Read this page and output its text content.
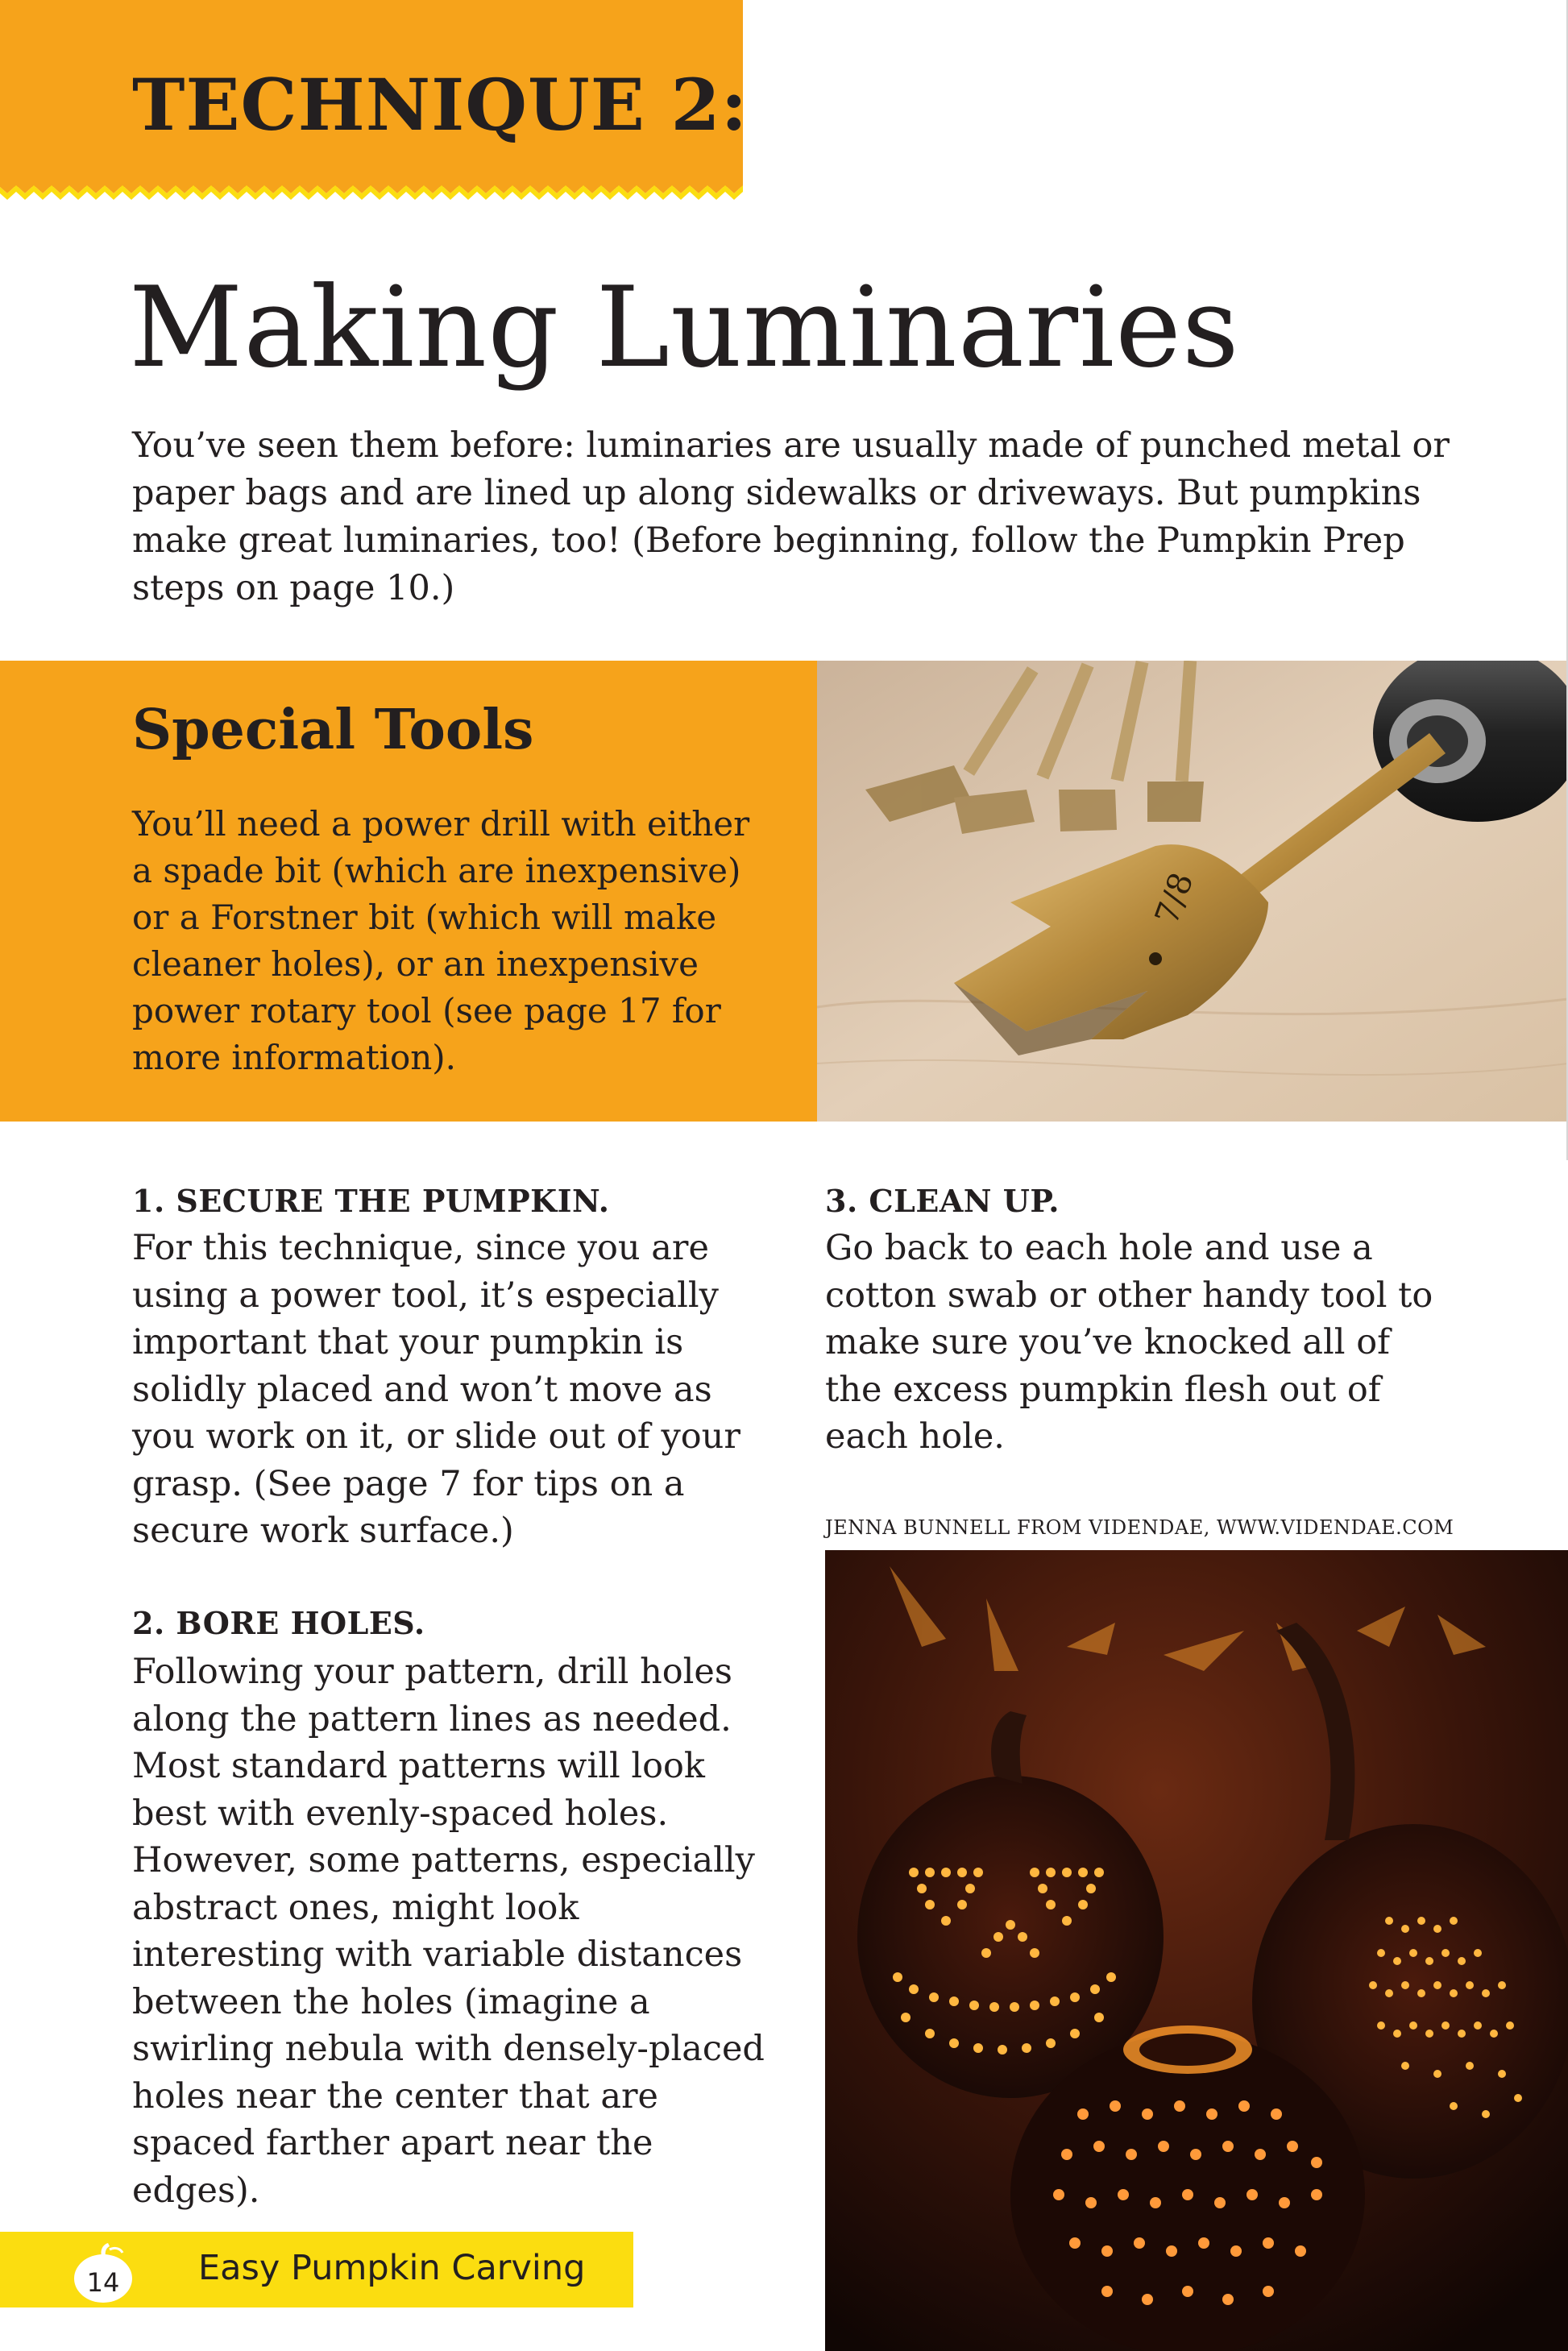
TECHNIQUE 2:
Making Luminaries
You’ve seen them before: luminaries are usually made of punched metal or paper bags and are lined up along sidewalks or driveways. But pumpkins make great luminaries, too! (Before beginning, follow the Pumpkin Prep steps on page 10.)
Special Tools
You’ll need a power drill with either a spade bit (which are inexpensive) or a Forstner bit (which will make cleaner holes), or an inexpensive power rotary tool (see page 17 for more information).
7/8
1. SECURE THE PUMPKIN.
For this technique, since you are using a power tool, it’s especially important that your pumpkin is solidly placed and won’t move as you work on it, or slide out of your grasp. (See page 7 for tips on a secure work surface.)
2. BORE HOLES.
Following your pattern, drill holes along the pattern lines as needed. Most standard patterns will look best with evenly-spaced holes. However, some patterns, especially abstract ones, might look interesting with variable distances between the holes (imagine a swirling nebula with densely-placed holes near the center that are spaced farther apart near the edges).
3. CLEAN UP.
Go back to each hole and use a cotton swab or other handy tool to make sure you’ve knocked all of the excess pumpkin flesh out of each hole.
JENNA BUNNELL FROM VIDENDAE, WWW.VIDENDAE.COM
14	Easy Pumpkin Carving
